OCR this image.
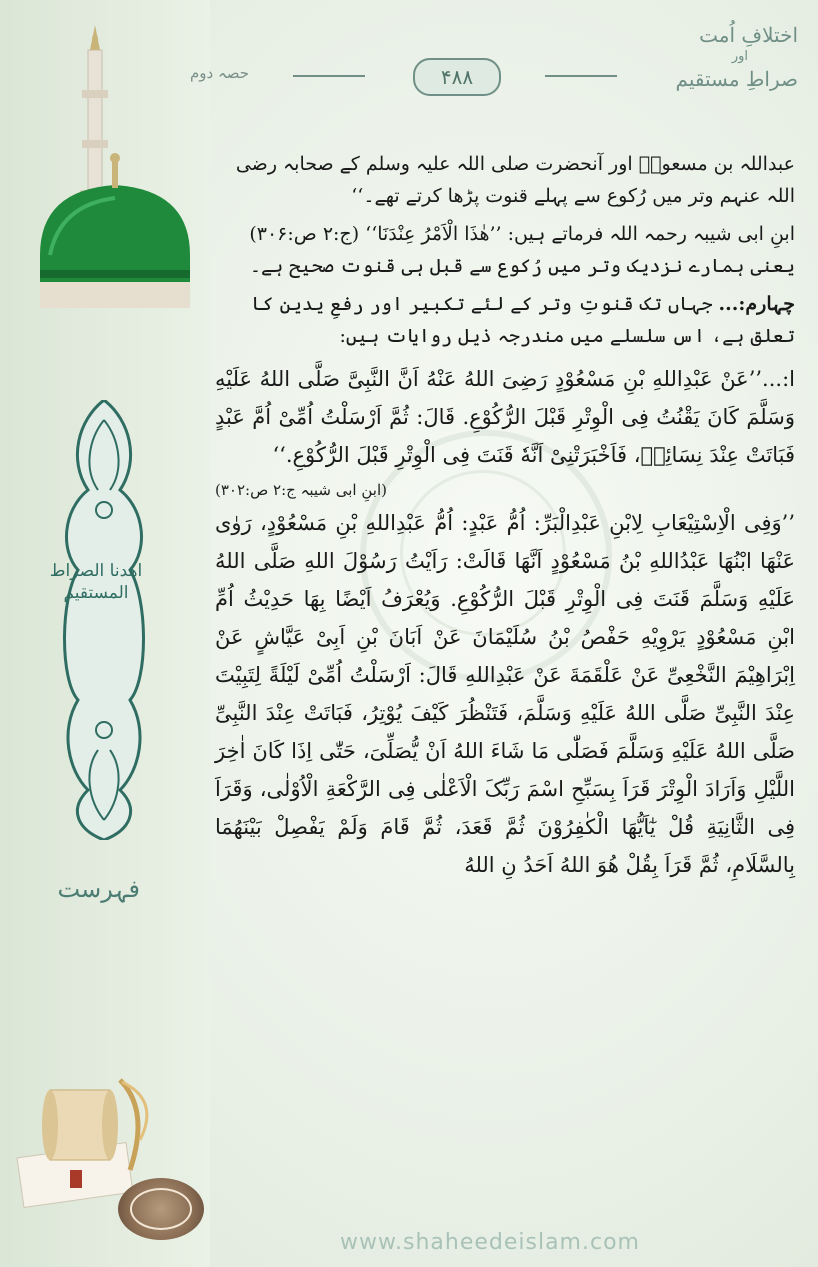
اختلافِ اُمت
اور
صراطِ مستقیم
حصہ دوم	۴۸۸
اھدنا الصراط
المستقیم
فہرست

عبداللہ بن مسعودؓ اور آنحضرت صلی اللہ علیہ وسلم کے صحابہ رضی اللہ عنہم وتر میں رُکوع سے پہلے قنوت پڑھا کرتے تھے۔‘‘

ابنِ ابی شیبہ رحمہ اللہ فرماتے ہیں: ’’ھٰذَا الْاَمْرُ عِنْدَنَا‘‘ (ج:۲ ص:۳۰۶) یعنی ہمارے نزدیک وتر میں رُکوع سے قبل ہی قنوت صحیح ہے۔

چہارم:... جہاں تک قنوتِ وتر کے لئے تکبیر اور رفعِ یدین کا تعلق ہے، اس سلسلے میں مندرجہ ذیل روایات ہیں:

ا:...’’عَنْ عَبْدِاللهِ بْنِ مَسْعُوْدٍ رَضِیَ اللهُ عَنْهُ اَنَّ النَّبِیَّ صَلَّی اللهُ عَلَیْهِ وَسَلَّمَ کَانَ یَقْنُتُ فِی الْوِتْرِ قَبْلَ الرُّکُوْعِ. قَالَ: ثُمَّ اَرْسَلْتُ اُمِّیْ اُمَّ عَبْدٍ فَبَاتَتْ عِنْدَ نِسَائِهٖ، فَاَخْبَرَتْنِیْ اَنَّهٗ قَنَتَ فِی الْوِتْرِ قَبْلَ الرُّکُوْعِ.‘‘

(ابنِ ابی شیبہ ج:۲ ص:۳۰۲)

’’وَفِی الْاِسْتِیْعَابِ لِابْنِ عَبْدِالْبَرِّ: اُمُّ عَبْدٍ: اُمُّ عَبْدِاللهِ بْنِ مَسْعُوْدٍ، رَوٰی عَنْهَا ابْنُهَا عَبْدُاللهِ بْنُ مَسْعُوْدٍ اَنَّهَا قَالَتْ: رَاَیْتُ رَسُوْلَ اللهِ صَلَّی اللهُ عَلَیْهِ وَسَلَّمَ قَنَتَ فِی الْوِتْرِ قَبْلَ الرُّکُوْعِ. وَیُعْرَفُ اَیْضًا بِهَا حَدِیْثُ اُمِّ ابْنِ مَسْعُوْدٍ یَرْوِیْهِ حَفْصُ بْنُ سُلَیْمَانَ عَنْ اَبَانَ بْنِ اَبِیْ عَیَّاشٍ عَنْ اِبْرَاهِیْمَ النَّخْعِیِّ عَنْ عَلْقَمَةَ عَنْ عَبْدِاللهِ قَالَ: اَرْسَلْتُ اُمِّیْ لَیْلَةً لِتَبِیْتَ عِنْدَ النَّبِیِّ صَلَّی اللهُ عَلَیْهِ وَسَلَّمَ، فَتَنْظُرَ کَیْفَ یُوْتِرُ، فَبَاتَتْ عِنْدَ النَّبِیِّ صَلَّی اللهُ عَلَیْهِ وَسَلَّمَ فَصَلّٰی مَا شَاءَ اللهُ اَنْ یُّصَلِّیَ، حَتّٰی اِذَا کَانَ اٰخِرَ اللَّیْلِ وَاَرَادَ الْوِتْرَ قَرَاَ بِسَبِّحِ اسْمَ رَبِّکَ الْاَعْلٰی فِی الرَّکْعَةِ الْاُوْلٰی، وَقَرَاَ فِی الثَّانِیَةِ قُلْ یٰٓاَیُّهَا الْکٰفِرُوْنَ ثُمَّ قَعَدَ، ثُمَّ قَامَ وَلَمْ یَفْصِلْ بَیْنَهُمَا بِالسَّلَامِ، ثُمَّ قَرَاَ بِقُلْ هُوَ اللهُ اَحَدُ نِ اللهُ

www.shaheedeislam.com
